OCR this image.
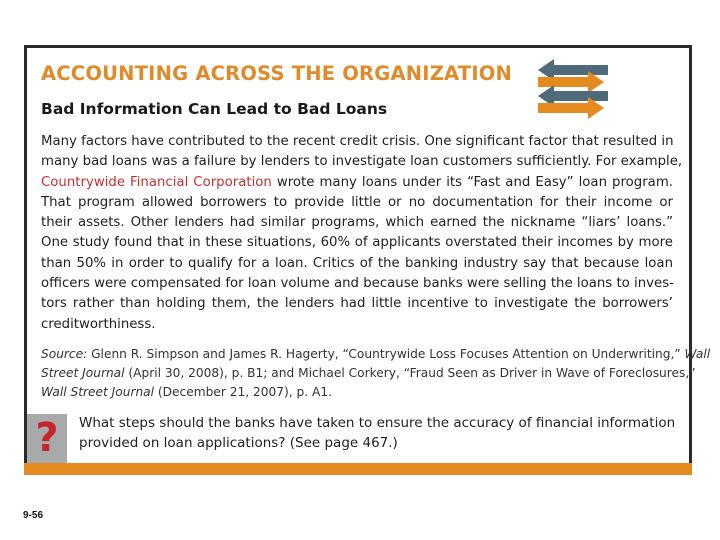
ACCOUNTING ACROSS THE ORGANIZATION
Bad Information Can Lead to Bad Loans
Many factors have contributed to the recent credit crisis. One significant factor that resulted in
many bad loans was a failure by lenders to investigate loan customers sufficiently. For example,
Countrywide Financial Corporation wrote many loans under its “Fast and Easy” loan program.
That program allowed borrowers to provide little or no documentation for their income or
their assets. Other lenders had similar programs, which earned the nickname “liars’ loans.”
One study found that in these situations, 60% of applicants overstated their incomes by more
than 50% in order to qualify for a loan. Critics of the banking industry say that because loan
officers were compensated for loan volume and because banks were selling the loans to inves-
tors rather than holding them, the lenders had little incentive to investigate the borrowers’
creditworthiness.
Source: Glenn R. Simpson and James R. Hagerty, “Countrywide Loss Focuses Attention on Underwriting,” Wall
Street Journal (April 30, 2008), p. B1; and Michael Corkery, “Fraud Seen as Driver in Wave of Foreclosures,”
Wall Street Journal (December 21, 2007), p. A1.
?	What steps should the banks have taken to ensure the accuracy of financial information
provided on loan applications? (See page 467.)
9-56
